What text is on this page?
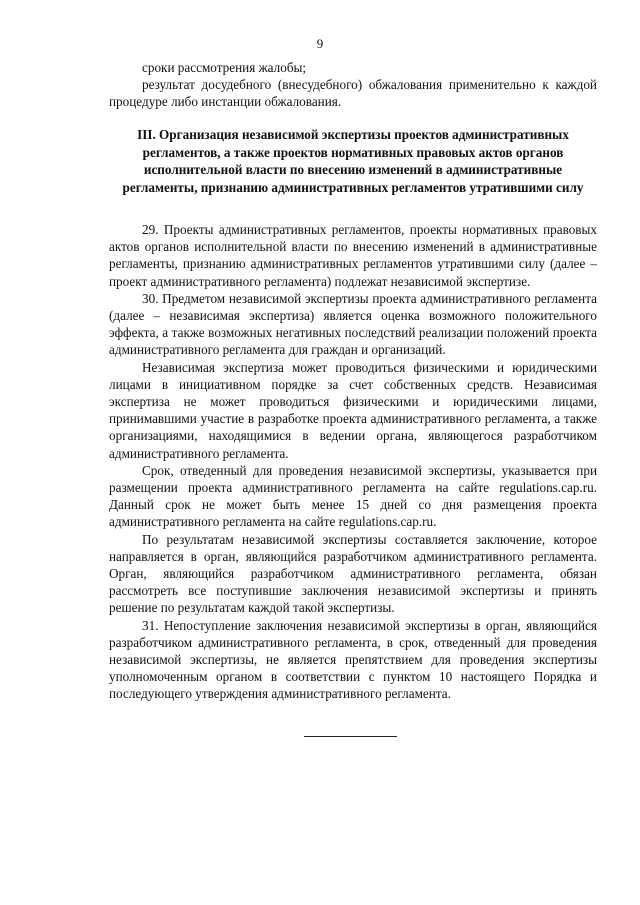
9

сроки рассмотрения жалобы;

результат досудебного (внесудебного) обжалования применительно к каждой процедуре либо инстанции обжалования.

III. Организация независимой экспертизы проектов административных регламентов, а также проектов нормативных правовых актов органов исполнительной власти по внесению изменений в административные регламенты, признанию административных регламентов утратившими силу

29. Проекты административных регламентов, проекты нормативных правовых актов органов исполнительной власти по внесению изменений в административные регламенты, признанию административных регламентов утратившими силу (далее – проект административного регламента) подлежат независимой экспертизе.

30. Предметом независимой экспертизы проекта административного регламента (далее – независимая экспертиза) является оценка возможного положительного эффекта, а также возможных негативных последствий реализации положений проекта административного регламента для граждан и организаций.

Независимая экспертиза может проводиться физическими и юридическими лицами в инициативном порядке за счет собственных средств. Независимая экспертиза не может проводиться физическими и юридическими лицами, принимавшими участие в разработке проекта административного регламента, а также организациями, находящимися в ведении органа, являющегося разработчиком административного регламента.

Срок, отведенный для проведения независимой экспертизы, указывается при размещении проекта административного регламента на сайте regulations.cap.ru. Данный срок не может быть менее 15 дней со дня размещения проекта административного регламента на сайте regulations.cap.ru.

По результатам независимой экспертизы составляется заключение, которое направляется в орган, являющийся разработчиком административного регламента. Орган, являющийся разработчиком административного регламента, обязан рассмотреть все поступившие заключения независимой экспертизы и принять решение по результатам каждой такой экспертизы.

31. Непоступление заключения независимой экспертизы в орган, являющийся разработчиком административного регламента, в срок, отведенный для проведения независимой экспертизы, не является препятствием для проведения экспертизы уполномоченным органом в соответствии с пунктом 10 настоящего Порядка и последующего утверждения административного регламента.
